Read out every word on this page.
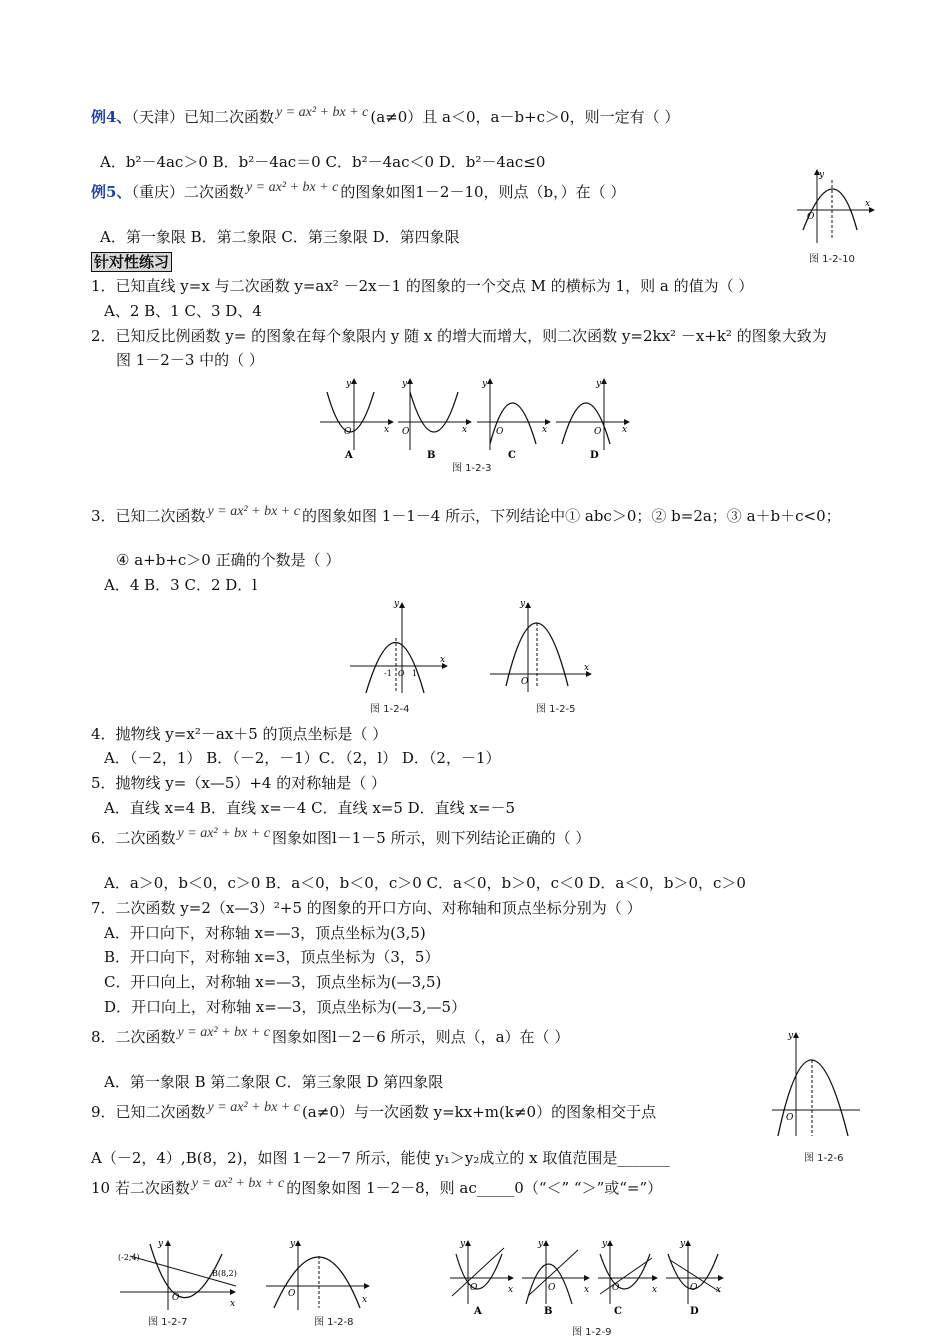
例4、（天津）已知二次函数 y = ax² + bx + c (a≠0）且 a＜0，a－b+c＞0，则一定有（ ）
A．b²－4ac＞0 B．b²－4ac＝0 C．b²－4ac＜0 D．b²－4ac≤0
例5、（重庆）二次函数 y = ax² + bx + c 的图象如图1－2－10，则点（b，）在（ ）
A．第一象限 B．第二象限 C．第三象限 D．第四象限
y
x
O
图 1-2-10
针对性练习
1．已知直线 y=x 与二次函数 y=ax² －2x－1 的图象的一个交点 M 的横标为 1，则 a 的值为（ ）
A、2 B、1 C、3 D、4
2．已知反比例函数 y= 的图象在每个象限内 y 随 x 的增大而增大，则二次函数 y=2kx² －x+k² 的图象大致为
图 1－2－3 中的（ ）
y
x
O
A
y
x
O
B
y
x
O
C
y
x
O
D
图 1-2-3
3．已知二次函数 y = ax² + bx + c 的图象如图 1－1－4 所示，下列结论中① abc＞0；② b=2a；③ a＋b＋c<0；
④ a+b+c＞0 正确的个数是（ ）
A．4 B．3 C．2 D．l
y
x
-1 O 1
图 1-2-4
y
x
O
图 1-2-5
4．抛物线 y=x²－ax＋5 的顶点坐标是（ ）
A．（－2，1） B．（－2，－1）C．（2，l） D．（2，－1）
5．抛物线 y=（x—5）+4 的对称轴是（ ）
A．直线 x=4 B．直线 x=－4 C．直线 x=5 D．直线 x=－5
6．二次函数 y = ax² + bx + c 图象如图l－1－5 所示，则下列结论正确的（ ）
A．a＞0，b＜0，c＞0 B．a＜0，b＜0，c＞0 C．a＜0，b＞0，c＜0 D．a＜0，b＞0，c＞0
7．二次函数 y=2（x—3）²+5 的图象的开口方向、对称轴和顶点坐标分别为（ ）
A．开口向下，对称轴 x=—3，顶点坐标为(3,5)
B．开口向下，对称轴 x=3，顶点坐标为（3，5）
C．开口向上，对称轴 x=—3，顶点坐标为(—3,5)
D．开口向上，对称轴 x=—3，顶点坐标为(—3,—5）
8．二次函数 y = ax² + bx + c 图象如图l－2－6 所示，则点（，a）在（ ）
A．第一象限 B 第二象限 C．第三象限 D 第四象限
y
O
图 1-2-6
9．已知二次函数 y = ax² + bx + c (a≠0）与一次函数 y=kx+m(k≠0）的图象相交于点
A（－2，4）,B(8，2)，如图 1－2－7 所示，能使 y₁＞y₂成立的 x 取值范围是_______
10 若二次函数 y = ax² + bx + c 的图象如图 1－2－8，则 ac_____0（“＜” “＞”或“=”）
y
x
O
(-2,4)
B(8,2)
图 1-2-7
y
x
O
图 1-2-8
y
x
O
A
y
x
O
B
y
x
O
C
y
x
O
D
图 1-2-9
